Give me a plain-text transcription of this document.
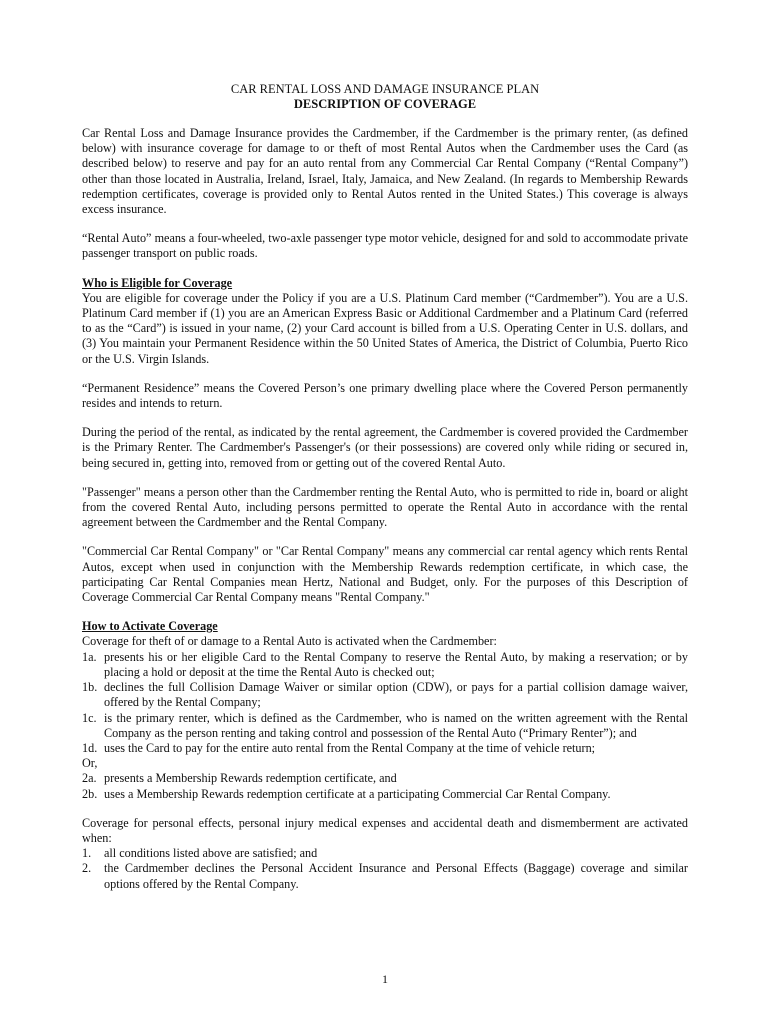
CAR RENTAL LOSS AND DAMAGE INSURANCE PLAN
DESCRIPTION OF COVERAGE

Car Rental Loss and Damage Insurance provides the Cardmember, if the Cardmember is the primary renter, (as defined below) with insurance coverage for damage to or theft of most Rental Autos when the Cardmember uses the Card (as described below) to reserve and pay for an auto rental from any Commercial Car Rental Company (“Rental Company”) other than those located in Australia, Ireland, Israel, Italy, Jamaica, and New Zealand. (In regards to Membership Rewards redemption certificates, coverage is provided only to Rental Autos rented in the United States.) This coverage is always excess insurance.

“Rental Auto” means a four-wheeled, two-axle passenger type motor vehicle, designed for and sold to accommodate private passenger transport on public roads.

Who is Eligible for Coverage

You are eligible for coverage under the Policy if you are a U.S. Platinum Card member (“Cardmember”). You are a U.S. Platinum Card member if (1) you are an American Express Basic or Additional Cardmember and a Platinum Card (referred to as the “Card”) is issued in your name, (2) your Card account is billed from a U.S. Operating Center in U.S. dollars, and (3) You maintain your Permanent Residence within the 50 United States of America, the District of Columbia, Puerto Rico or the U.S. Virgin Islands.

“Permanent Residence” means the Covered Person’s one primary dwelling place where the Covered Person permanently resides and intends to return.

During the period of the rental, as indicated by the rental agreement, the Cardmember is covered provided the Cardmember is the Primary Renter. The Cardmember's Passenger's (or their possessions) are covered only while riding or secured in, being secured in, getting into, removed from or getting out of the covered Rental Auto.

"Passenger" means a person other than the Cardmember renting the Rental Auto, who is permitted to ride in, board or alight from the covered Rental Auto, including persons permitted to operate the Rental Auto in accordance with the rental agreement between the Cardmember and the Rental Company.

"Commercial Car Rental Company" or "Car Rental Company" means any commercial car rental agency which rents Rental Autos, except when used in conjunction with the Membership Rewards redemption certificate, in which case, the participating Car Rental Companies mean Hertz, National and Budget, only. For the purposes of this Description of Coverage Commercial Car Rental Company means "Rental Company."

How to Activate Coverage
Coverage for theft of or damage to a Rental Auto is activated when the Cardmember:
1a. presents his or her eligible Card to the Rental Company to reserve the Rental Auto, by making a reservation; or by placing a hold or deposit at the time the Rental Auto is checked out;
1b. declines the full Collision Damage Waiver or similar option (CDW), or pays for a partial collision damage waiver, offered by the Rental Company;
1c. is the primary renter, which is defined as the Cardmember, who is named on the written agreement with the Rental Company as the person renting and taking control and possession of the Rental Auto (“Primary Renter”); and
1d. uses the Card to pay for the entire auto rental from the Rental Company at the time of vehicle return;
Or,
2a. presents a Membership Rewards redemption certificate, and
2b. uses a Membership Rewards redemption certificate at a participating Commercial Car Rental Company.
Coverage for personal effects, personal injury medical expenses and accidental death and dismemberment are activated when:
1.	all conditions listed above are satisfied; and
2.	the Cardmember declines the Personal Accident Insurance and Personal Effects (Baggage) coverage and similar options offered by the Rental Company.
1
